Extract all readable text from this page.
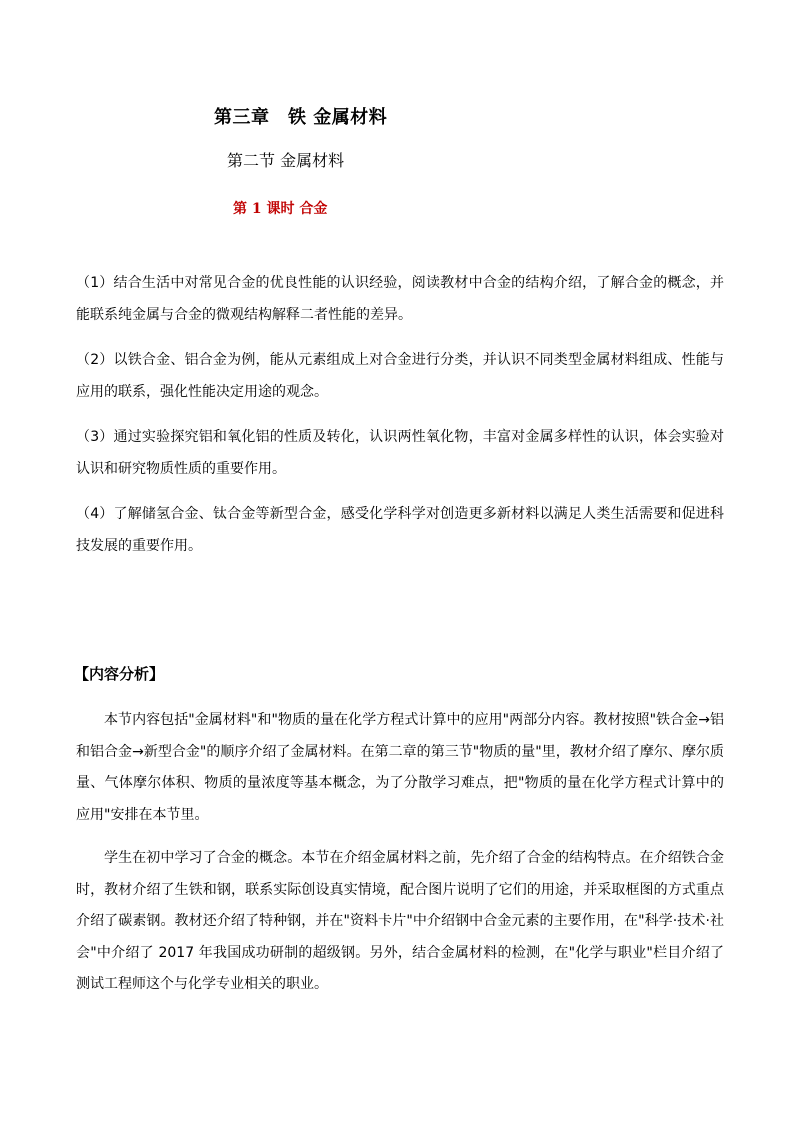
第三章　铁 金属材料
第二节 金属材料
第 1 课时 合金

（1）结合生活中对常见合金的优良性能的认识经验，阅读教材中合金的结构介绍，了解合金的概念，并能联系纯金属与合金的微观结构解释二者性能的差异。

（2）以铁合金、铝合金为例，能从元素组成上对合金进行分类，并认识不同类型金属材料组成、性能与应用的联系，强化性能决定用途的观念。

（3）通过实验探究铝和氧化铝的性质及转化，认识两性氧化物，丰富对金属多样性的认识，体会实验对认识和研究物质性质的重要作用。

（4）了解储氢合金、钛合金等新型合金，感受化学科学对创造更多新材料以满足人类生活需要和促进科技发展的重要作用。

【内容分析】

本节内容包括"金属材料"和"物质的量在化学方程式计算中的应用"两部分内容。教材按照"铁合金→铝和铝合金→新型合金"的顺序介绍了金属材料。在第二章的第三节"物质的量"里，教材介绍了摩尔、摩尔质量、气体摩尔体积、物质的量浓度等基本概念，为了分散学习难点，把"物质的量在化学方程式计算中的应用"安排在本节里。

学生在初中学习了合金的概念。本节在介绍金属材料之前，先介绍了合金的结构特点。在介绍铁合金时，教材介绍了生铁和钢，联系实际创设真实情境，配合图片说明了它们的用途，并采取框图的方式重点介绍了碳素钢。教材还介绍了特种钢，并在"资料卡片"中介绍钢中合金元素的主要作用，在"科学·技术·社会"中介绍了 2017 年我国成功研制的超级钢。另外，结合金属材料的检测，在"化学与职业"栏目介绍了测试工程师这个与化学专业相关的职业。
